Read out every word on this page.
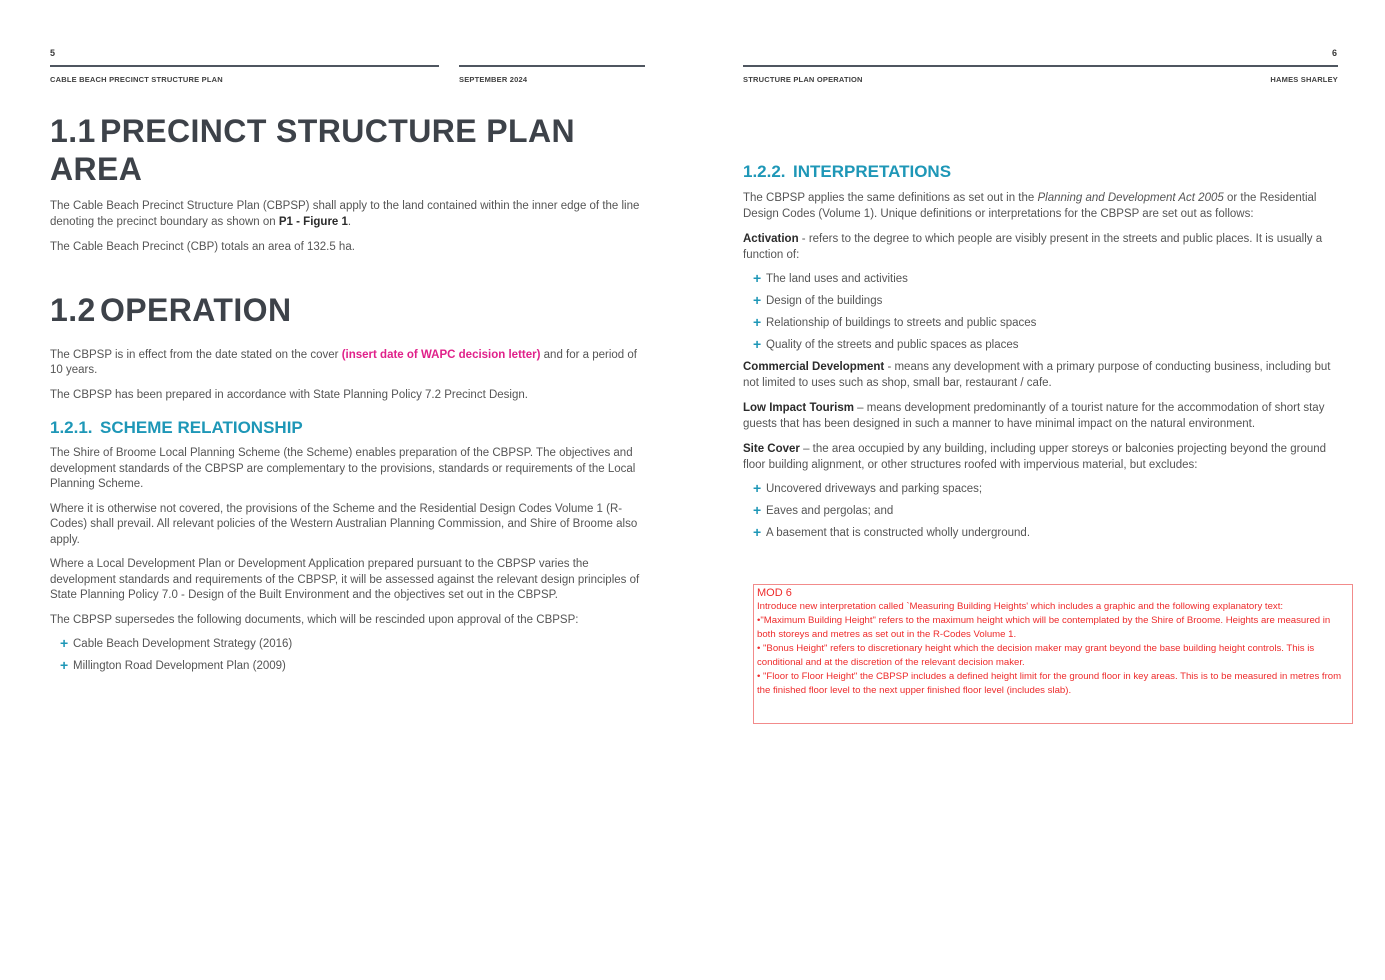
5
CABLE BEACH PRECINCT STRUCTURE PLAN	SEPTEMBER 2024
6
STRUCTURE PLAN OPERATION	HAMES SHARLEY
1.1 PRECINCT STRUCTURE PLAN AREA

The Cable Beach Precinct Structure Plan (CBPSP) shall apply to the land contained within the inner edge of the line denoting the precinct boundary as shown on P1 - Figure 1.

The Cable Beach Precinct (CBP) totals an area of 132.5 ha.

1.2 OPERATION

The CBPSP is in effect from the date stated on the cover (insert date of WAPC decision letter) and for a period of 10 years.

The CBPSP has been prepared in accordance with State Planning Policy 7.2 Precinct Design.

1.2.1. SCHEME RELATIONSHIP

The Shire of Broome Local Planning Scheme (the Scheme) enables preparation of the CBPSP. The objectives and development standards of the CBPSP are complementary to the provisions, standards or requirements of the Local Planning Scheme.

Where it is otherwise not covered, the provisions of the Scheme and the Residential Design Codes Volume 1 (R-Codes) shall prevail. All relevant policies of the Western Australian Planning Commission, and Shire of Broome also apply.

Where a Local Development Plan or Development Application prepared pursuant to the CBPSP varies the development standards and requirements of the CBPSP, it will be assessed against the relevant design principles of State Planning Policy 7.0 - Design of the Built Environment and the objectives set out in the CBPSP.

The CBPSP supersedes the following documents, which will be rescinded upon approval of the CBPSP:

+ Cable Beach Development Strategy (2016)
+ Millington Road Development Plan (2009)
1.2.2. INTERPRETATIONS

The CBPSP applies the same definitions as set out in the Planning and Development Act 2005 or the Residential Design Codes (Volume 1). Unique definitions or interpretations for the CBPSP are set out as follows:

Activation - refers to the degree to which people are visibly present in the streets and public places. It is usually a function of:

+ The land uses and activities
+ Design of the buildings
+ Relationship of buildings to streets and public spaces
+ Quality of the streets and public spaces as places

Commercial Development - means any development with a primary purpose of conducting business, including but not limited to uses such as shop, small bar, restaurant / cafe.

Low Impact Tourism – means development predominantly of a tourist nature for the accommodation of short stay guests that has been designed in such a manner to have minimal impact on the natural environment.

Site Cover – the area occupied by any building, including upper storeys or balconies projecting beyond the ground floor building alignment, or other structures roofed with impervious material, but excludes:

+ Uncovered driveways and parking spaces;
+ Eaves and pergolas; and
+ A basement that is constructed wholly underground.
MOD 6
Introduce new interpretation called `Measuring Building Heights' which includes a graphic and the following explanatory text:
•"Maximum Building Height" refers to the maximum height which will be contemplated by the Shire of Broome. Heights are measured in both storeys and metres as set out in the R-Codes Volume 1.
• "Bonus Height" refers to discretionary height which the decision maker may grant beyond the base building height controls. This is conditional and at the discretion of the relevant decision maker.
• "Floor to Floor Height" the CBPSP includes a defined height limit for the ground floor in key areas. This is to be measured in metres from the finished floor level to the next upper finished floor level (includes slab).
